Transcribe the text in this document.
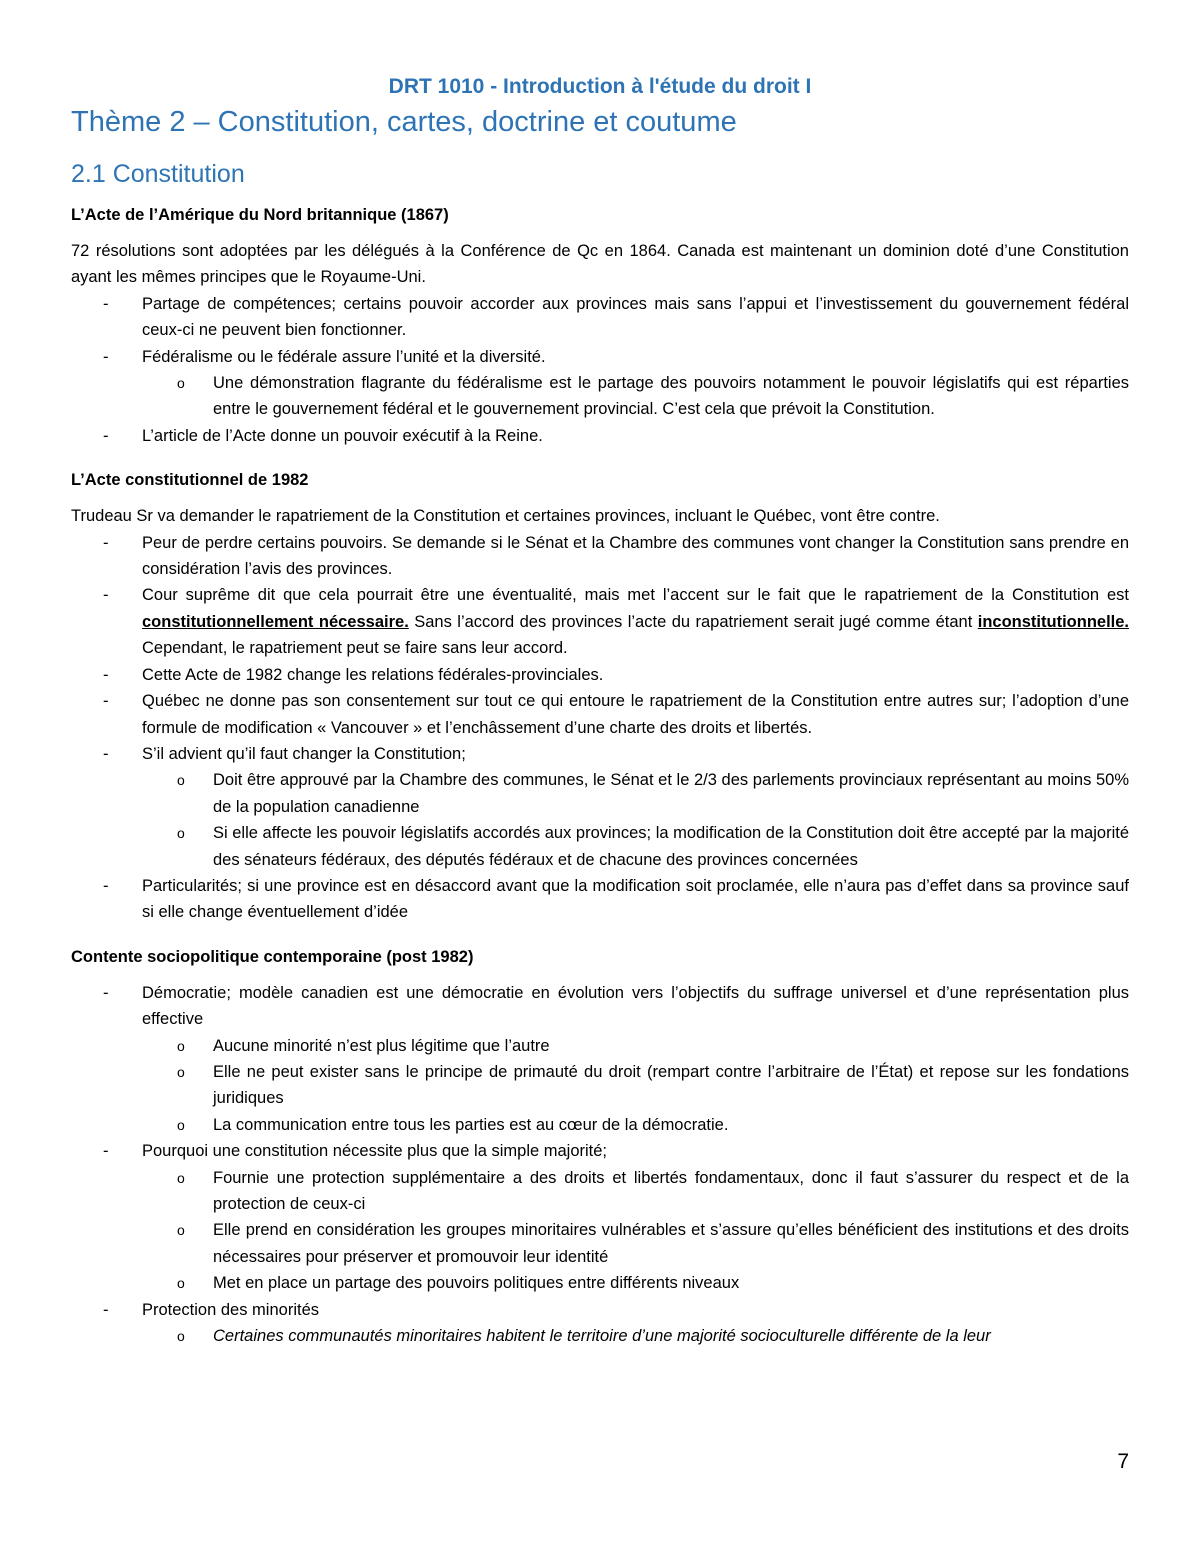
DRT 1010 - Introduction à l'étude du droit I

Thème 2 – Constitution, cartes, doctrine et coutume
2.1 Constitution
L’Acte de l’Amérique du Nord britannique (1867)

72 résolutions sont adoptées par les délégués à la Conférence de Qc en 1864. Canada est maintenant un dominion doté d’une Constitution ayant les mêmes principes que le Royaume-Uni.

- Partage de compétences; certains pouvoir accorder aux provinces mais sans l’appui et l’investissement du gouvernement fédéral ceux-ci ne peuvent bien fonctionner.
- Fédéralisme ou le fédérale assure l’unité et la diversité.
o Une démonstration flagrante du fédéralisme est le partage des pouvoirs notamment le pouvoir législatifs qui est réparties entre le gouvernement fédéral et le gouvernement provincial. C’est cela que prévoit la Constitution.
- L’article de l’Acte donne un pouvoir exécutif à la Reine.
L’Acte constitutionnel de 1982

Trudeau Sr va demander le rapatriement de la Constitution et certaines provinces, incluant le Québec, vont être contre.

- Peur de perdre certains pouvoirs. Se demande si le Sénat et la Chambre des communes vont changer la Constitution sans prendre en considération l’avis des provinces.
- Cour suprême dit que cela pourrait être une éventualité, mais met l’accent sur le fait que le rapatriement de la Constitution est constitutionnellement nécessaire. Sans l’accord des provinces l’acte du rapatriement serait jugé comme étant inconstitutionnelle. Cependant, le rapatriement peut se faire sans leur accord.
- Cette Acte de 1982 change les relations fédérales-provinciales.
- Québec ne donne pas son consentement sur tout ce qui entoure le rapatriement de la Constitution entre autres sur; l’adoption d’une formule de modification « Vancouver » et l’enchâssement d’une charte des droits et libertés.
- S’il advient qu’il faut changer la Constitution;
o Doit être approuvé par la Chambre des communes, le Sénat et le 2/3 des parlements provinciaux représentant au moins 50% de la population canadienne
o Si elle affecte les pouvoir législatifs accordés aux provinces; la modification de la Constitution doit être accepté par la majorité des sénateurs fédéraux, des députés fédéraux et de chacune des provinces concernées
- Particularités; si une province est en désaccord avant que la modification soit proclamée, elle n’aura pas d’effet dans sa province sauf si elle change éventuellement d’idée
Contente sociopolitique contemporaine (post 1982)
- Démocratie; modèle canadien est une démocratie en évolution vers l’objectifs du suffrage universel et d’une représentation plus effective
o Aucune minorité n’est plus légitime que l’autre
o Elle ne peut exister sans le principe de primauté du droit (rempart contre l’arbitraire de l’État) et repose sur les fondations juridiques
o La communication entre tous les parties est au cœur de la démocratie.
- Pourquoi une constitution nécessite plus que la simple majorité;
o Fournie une protection supplémentaire a des droits et libertés fondamentaux, donc il faut s’assurer du respect et de la protection de ceux-ci
o Elle prend en considération les groupes minoritaires vulnérables et s’assure qu’elles bénéficient des institutions et des droits nécessaires pour préserver et promouvoir leur identité
o Met en place un partage des pouvoirs politiques entre différents niveaux
- Protection des minorités
o Certaines communautés minoritaires habitent le territoire d’une majorité socioculturelle différente de la leur
7
